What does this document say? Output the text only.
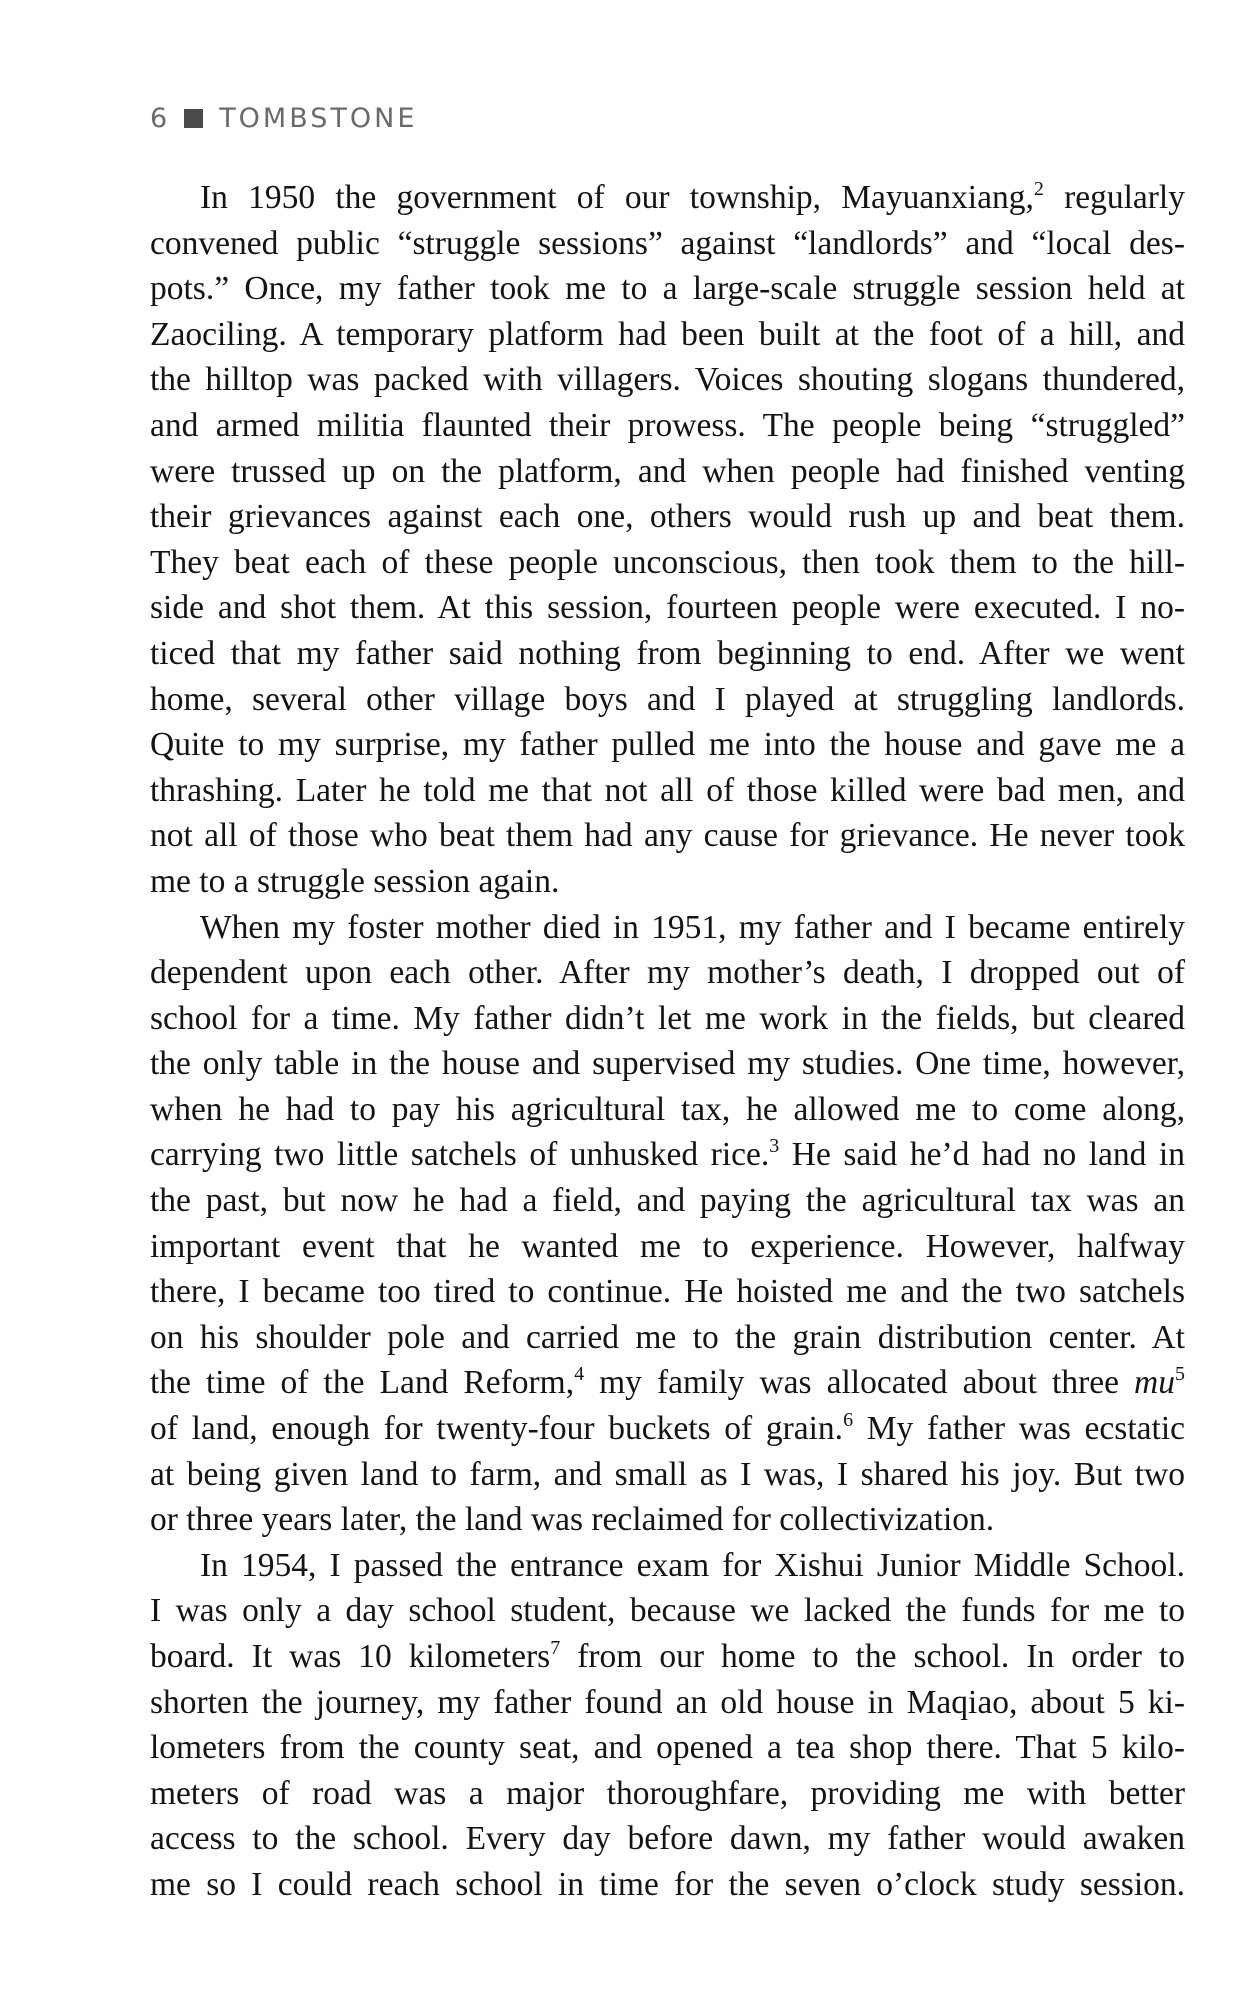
6 TOMBSTONE
In 1950 the government of our township, Mayuanxiang,$^2$ regularly
convened public “struggle sessions” against “landlords” and “local des-
pots.” Once, my father took me to a large-scale struggle session held at
Zaociling. A temporary platform had been built at the foot of a hill, and
the hilltop was packed with villagers. Voices shouting slogans thundered,
and armed militia flaunted their prowess. The people being “struggled”
were trussed up on the platform, and when people had finished venting
their grievances against each one, others would rush up and beat them.
They beat each of these people unconscious, then took them to the hill-
side and shot them. At this session, fourteen people were executed. I no-
ticed that my father said nothing from beginning to end. After we went
home, several other village boys and I played at struggling landlords.
Quite to my surprise, my father pulled me into the house and gave me a
thrashing. Later he told me that not all of those killed were bad men, and
not all of those who beat them had any cause for grievance. He never took
me to a struggle session again.
When my foster mother died in 1951, my father and I became entirely
dependent upon each other. After my mother’s death, I dropped out of
school for a time. My father didn’t let me work in the fields, but cleared
the only table in the house and supervised my studies. One time, however,
when he had to pay his agricultural tax, he allowed me to come along,
carrying two little satchels of unhusked rice.$^3$ He said he’d had no land in
the past, but now he had a field, and paying the agricultural tax was an
important event that he wanted me to experience. However, halfway
there, I became too tired to continue. He hoisted me and the two satchels
on his shoulder pole and carried me to the grain distribution center. At
the time of the Land Reform,$^4$ my family was allocated about three $mu^5$
of land, enough for twenty-four buckets of grain.$^6$ My father was ecstatic
at being given land to farm, and small as I was, I shared his joy. But two
or three years later, the land was reclaimed for collectivization.
In 1954, I passed the entrance exam for Xishui Junior Middle School.
I was only a day school student, because we lacked the funds for me to
board. It was 10 kilometers$^7$ from our home to the school. In order to
shorten the journey, my father found an old house in Maqiao, about 5 ki-
lometers from the county seat, and opened a tea shop there. That 5 kilo-
meters of road was a major thoroughfare, providing me with better
access to the school. Every day before dawn, my father would awaken
me so I could reach school in time for the seven o’clock study session.
